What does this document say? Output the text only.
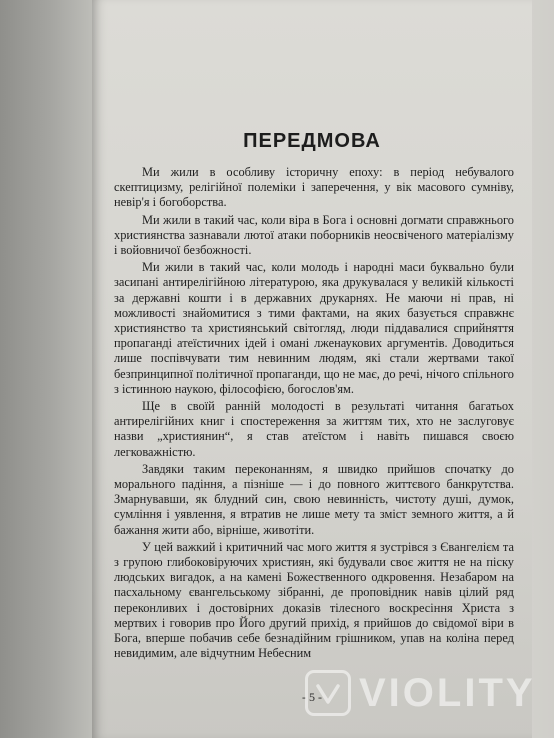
ПЕРЕДМОВА

Ми жили в особливу історичну епоху: в період небувалого скептицизму, релігійної полеміки і заперечення, у вік масового сумніву, невір'я і богоборства.

Ми жили в такий час, коли віра в Бога і основні догмати справжнього християнства зазнавали лютої атаки поборників неосвіченого матеріалізму і войовничої безбожності.

Ми жили в такий час, коли молодь і народні маси буквально були засипані антирелігійною літературою, яка друкувалася у великій кількості за державні кошти і в державних друкарнях. Не маючи ні прав, ні можливості знайомитися з тими фактами, на яких базується справжнє християнство та християнський світогляд, люди піддавалися сприйняття пропаганді атеїстичних ідей і омані лженаукових аргументів. Доводиться лише поспівчувати тим невинним людям, які стали жертвами такої безпринципної політичної пропаганди, що не має, до речі, нічого спільного з істинною наукою, філософією, богослов'ям.

Ще в своїй ранній молодості в результаті читання багатьох антирелігійних книг і спостереження за життям тих, хто не заслуговує назви „християнин“, я став атеїстом і навіть пишався своєю легковажністю.

Завдяки таким переконанням, я швидко прийшов спочатку до морального падіння, а пізніше — і до повного життєвого банкрутства. Змарнувавши, як блудний син, свою невинність, чистоту душі, думок, сумління і уявлення, я втратив не лише мету та зміст земного життя, а й бажання жити або, вірніше, животіти.

У цей важкий і критичний час мого життя я зустрівся з Євангелієм та з групою глибоковіруючих християн, які будували своє життя не на піску людських вигадок, а на камені Божественного одкровення. Незабаром на пасхальному євангельському зібранні, де проповідник навів цілий ряд переконливих і достовірних доказів тілесного воскресіння Христа з мертвих і говорив про Його другий прихід, я прийшов до свідомої віри в Бога, вперше побачив себе безнадійним грішником, упав на коліна перед невидимим, але відчутним Небесним

- 5 - VIOLITY
